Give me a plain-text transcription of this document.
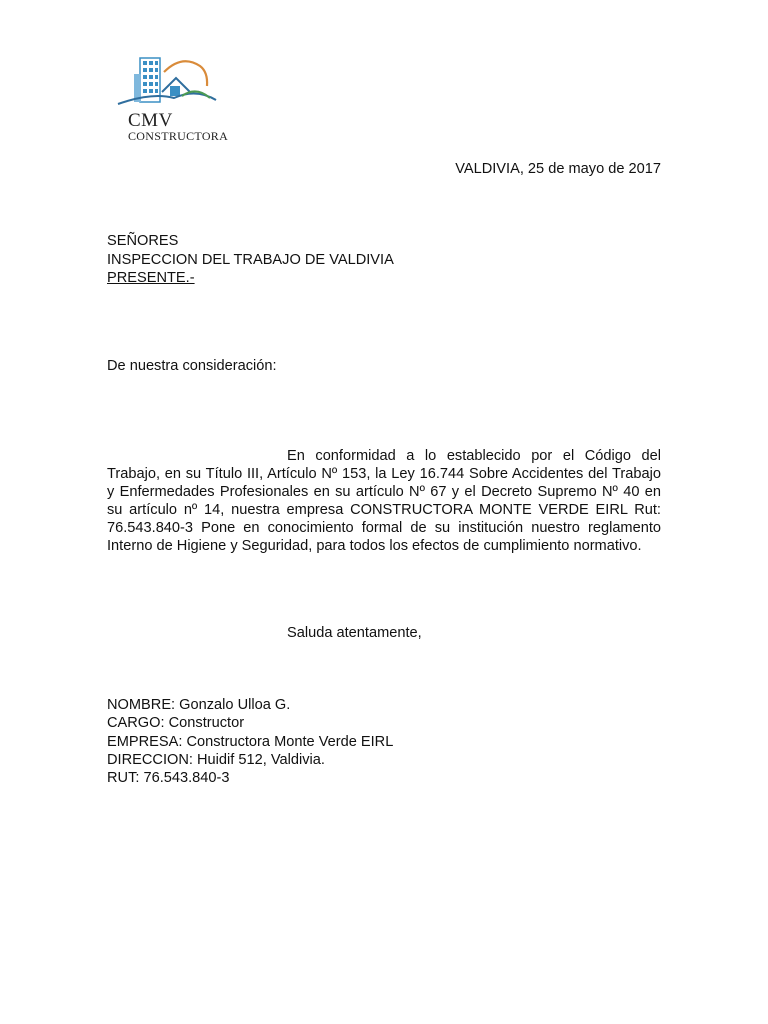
CMV
CONSTRUCTORA
VALDIVIA, 25 de mayo de 2017
SEÑORES
INSPECCION DEL TRABAJO DE VALDIVIA
PRESENTE.-
De nuestra consideración:

En conformidad a lo establecido por el Código del Trabajo, en su Título III, Artículo Nº 153, la Ley 16.744 Sobre Accidentes del Trabajo y Enfermedades Profesionales en su artículo Nº 67 y el Decreto Supremo Nº 40 en su artículo nº 14, nuestra empresa CONSTRUCTORA MONTE VERDE EIRL Rut: 76.543.840-3 Pone en conocimiento formal de su institución nuestro reglamento Interno de Higiene y Seguridad, para todos los efectos de cumplimiento normativo.

Saluda atentamente,
NOMBRE: Gonzalo Ulloa G.
CARGO: Constructor
EMPRESA: Constructora Monte Verde EIRL
DIRECCION: Huidif 512, Valdivia.
RUT: 76.543.840-3
